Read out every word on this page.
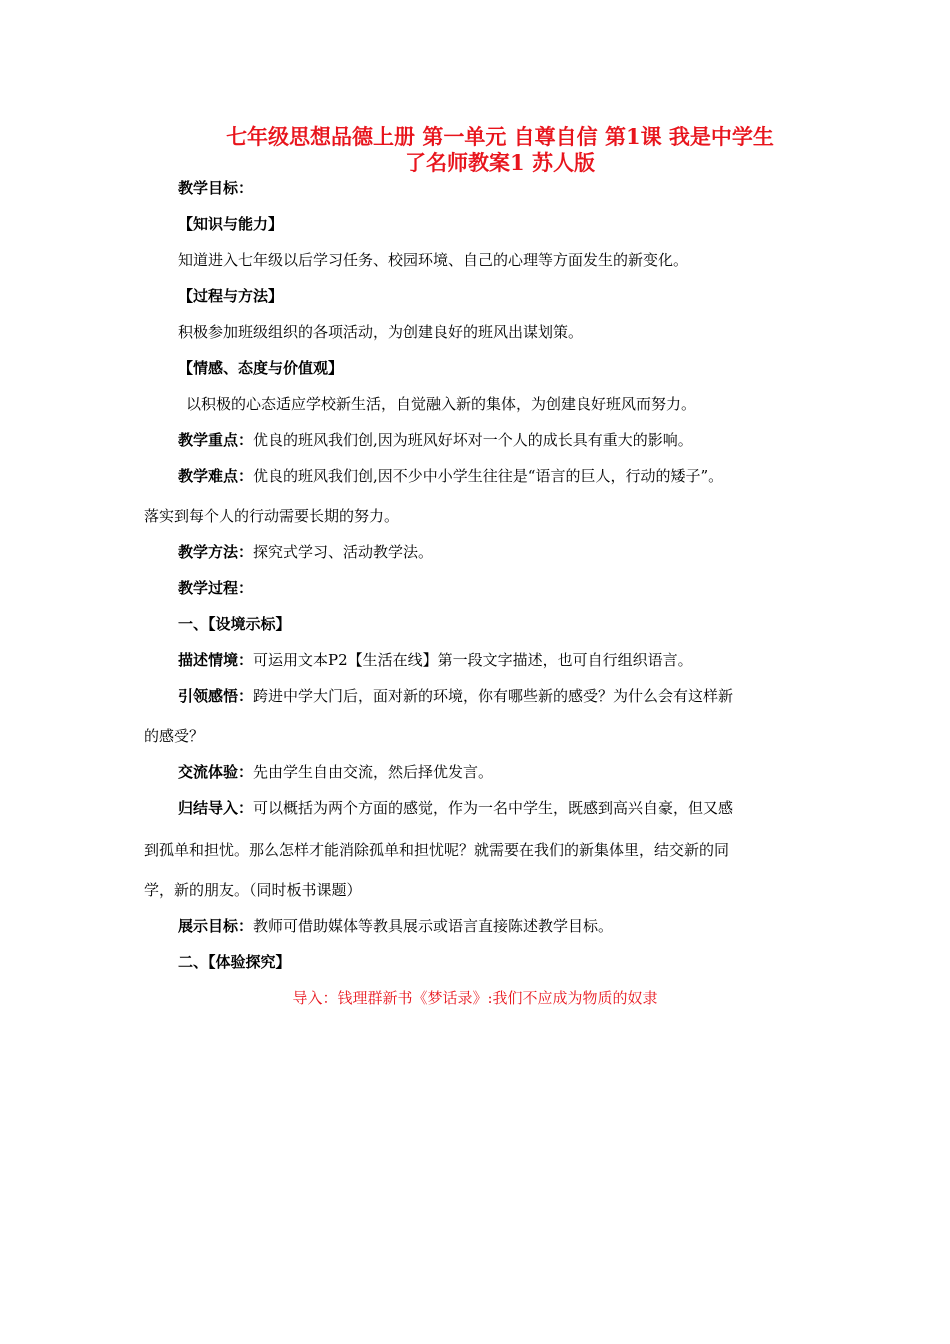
七年级思想品德上册 第一单元 自尊自信 第1课 我是中学生
了名师教案1 苏人版
教学目标：
【知识与能力】
知道进入七年级以后学习任务、校园环境、自己的心理等方面发生的新变化。
【过程与方法】
积极参加班级组织的各项活动，为创建良好的班风出谋划策。
【情感、态度与价值观】
以积极的心态适应学校新生活，自觉融入新的集体，为创建良好班风而努力。
教学重点：优良的班风我们创,因为班风好坏对一个人的成长具有重大的影响。
教学难点：优良的班风我们创,因不少中小学生往往是“语言的巨人，行动的矮子”。
落实到每个人的行动需要长期的努力。
教学方法：探究式学习、活动教学法。
教学过程：
一、【设境示标】
描述情境：可运用文本P2【生活在线】第一段文字描述，也可自行组织语言。
引领感悟：跨进中学大门后，面对新的环境，你有哪些新的感受？为什么会有这样新
的感受？
交流体验：先由学生自由交流，然后择优发言。
归结导入：可以概括为两个方面的感觉，作为一名中学生，既感到高兴自豪，但又感
到孤单和担忧。那么怎样才能消除孤单和担忧呢？就需要在我们的新集体里，结交新的同
学，新的朋友。（同时板书课题）
展示目标：教师可借助媒体等教具展示或语言直接陈述教学目标。
二、【体验探究】
导入：钱理群新书《梦话录》:我们不应成为物质的奴隶
